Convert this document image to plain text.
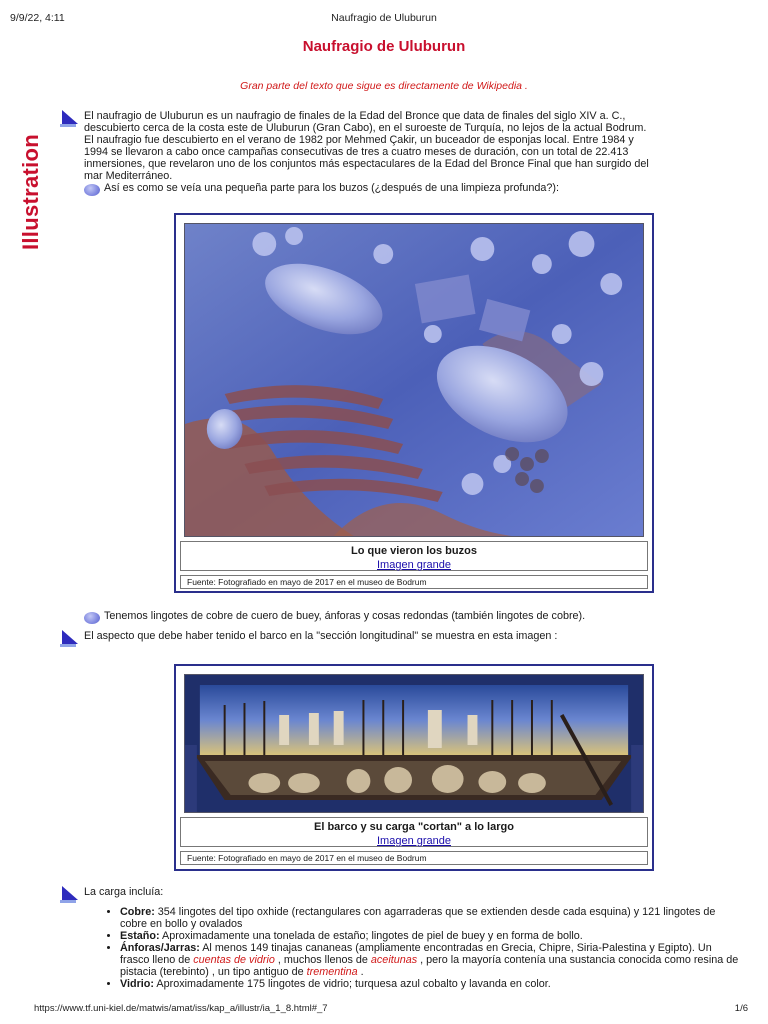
9/9/22, 4:11	Naufragio de Uluburun
Naufragio de Uluburun
Gran parte del texto que sigue es directamente de Wikipedia .
Illustration
El naufragio de Uluburun es un naufragio de finales de la Edad del Bronce que data de finales del siglo XIV a. C.,
descubierto cerca de la costa este de Uluburun (Gran Cabo), en el suroeste de Turquía, no lejos de la actual Bodrum.
El naufragio fue descubierto en el verano de 1982 por Mehmed Çakir, un buceador de esponjas local. Entre 1984 y
1994 se llevaron a cabo once campañas consecutivas de tres a cuatro meses de duración, con un total de 22.413
inmersiones, que revelaron uno de los conjuntos más espectaculares de la Edad del Bronce Final que han surgido del
mar Mediterráneo.
Así es como se veía una pequeña parte para los buzos (¿después de una limpieza profunda?):
Lo que vieron los buzos
Imagen grande
Fuente: Fotografiado en mayo de 2017 en el museo de Bodrum
Tenemos lingotes de cobre de cuero de buey, ánforas y cosas redondas (también lingotes de cobre).
El aspecto que debe haber tenido el barco en la "sección longitudinal" se muestra en esta imagen :
El barco y su carga "cortan" a lo largo
Imagen grande
Fuente: Fotografiado en mayo de 2017 en el museo de Bodrum
La carga incluía:
• Cobre: 354 lingotes del tipo oxhide (rectangulares con agarraderas que se extienden desde cada esquina) y 121 lingotes de cobre en bollo y ovalados
• Estaño: Aproximadamente una tonelada de estaño; lingotes de piel de buey y en forma de bollo.
• Ánforas/Jarras: Al menos 149 tinajas cananeas (ampliamente encontradas en Grecia, Chipre, Siria-Palestina y Egipto). Un frasco lleno de cuentas de vidrio , muchos llenos de aceitunas , pero la mayoría contenía una sustancia conocida como resina de pistacia (terebinto) , un tipo antiguo de trementina .
• Vidrio: Aproximadamente 175 lingotes de vidrio; turquesa azul cobalto y lavanda en color.
https://www.tf.uni-kiel.de/matwis/amat/iss/kap_a/illustr/ia_1_8.html#_7	1/6
